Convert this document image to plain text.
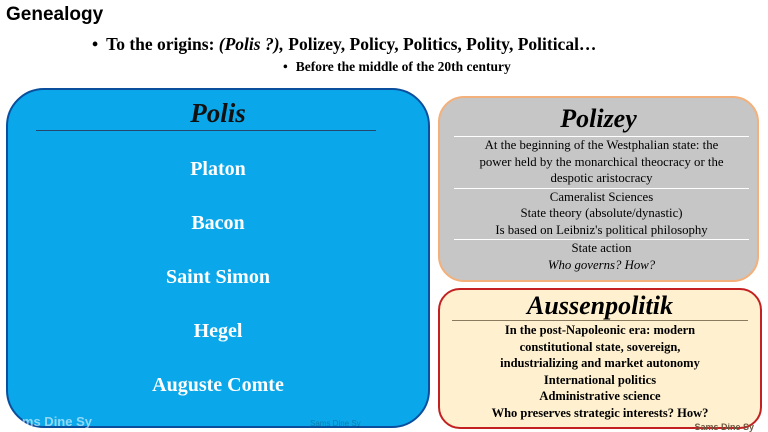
Genealogy
• To the origins: (Polis ?), Polizey, Policy, Politics, Polity, Political…
• Before the middle of the 20th century
Polis
Platon
Bacon
Saint Simon
Hegel
Auguste Comte
Polizey
At the beginning of the Westphalian state: the
power held by the monarchical theocracy or the
despotic aristocracy
Cameralist Sciences
State theory (absolute/dynastic)
Is based on Leibniz's political philosophy
State action
Who governs? How?
Aussenpolitik
In the post-Napoleonic era: modern
constitutional state, sovereign,
industrializing and market autonomy
International politics
Administrative science
Who preserves strategic interests? How?
Sams Dine Sy	Sams Dine Sy	Sams Dine Sy
